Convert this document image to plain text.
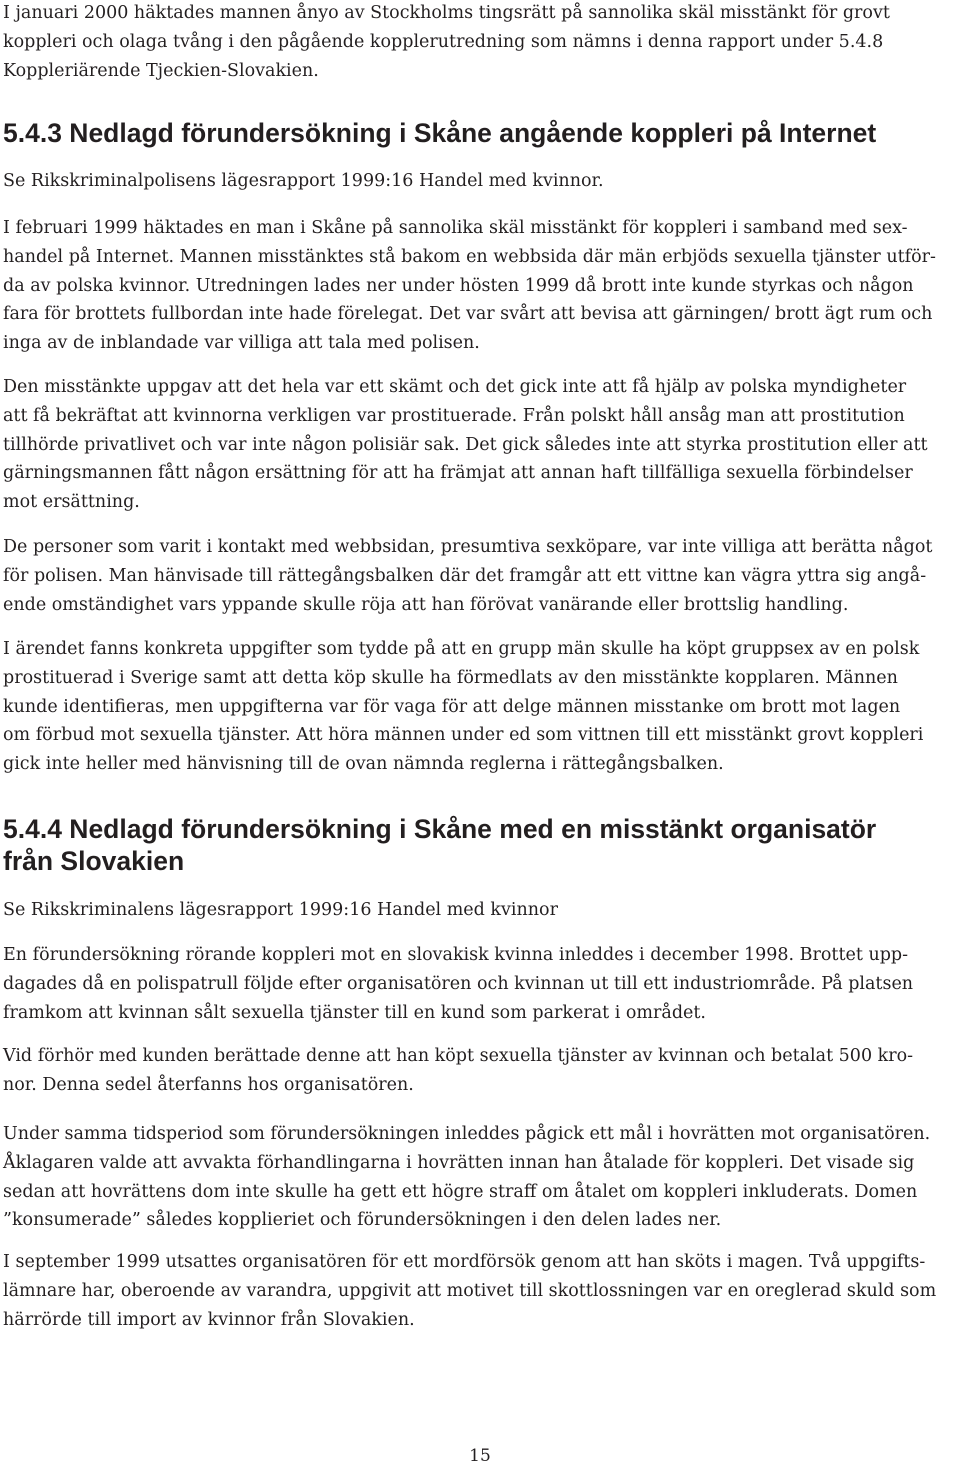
I januari 2000 häktades mannen ånyo av Stockholms tingsrätt på sannolika skäl misstänkt för grovt
koppleri och olaga tvång i den pågående kopplerutredning som nämns i denna rapport under 5.4.8
Koppleriärende Tjeckien-Slovakien.

5.4.3 Nedlagd förundersökning i Skåne angående koppleri på Internet

Se Rikskriminalpolisens lägesrapport 1999:16 Handel med kvinnor.

I februari 1999 häktades en man i Skåne på sannolika skäl misstänkt för koppleri i samband med sex-
handel på Internet. Mannen misstänktes stå bakom en webbsida där män erbjöds sexuella tjänster utför-
da av polska kvinnor. Utredningen lades ner under hösten 1999 då brott inte kunde styrkas och någon
fara för brottets fullbordan inte hade förelegat. Det var svårt att bevisa att gärningen/ brott ägt rum och
inga av de inblandade var villiga att tala med polisen.

Den misstänkte uppgav att det hela var ett skämt och det gick inte att få hjälp av polska myndigheter
att få bekräftat att kvinnorna verkligen var prostituerade. Från polskt håll ansåg man att prostitution
tillhörde privatlivet och var inte någon polisiär sak. Det gick således inte att styrka prostitution eller att
gärningsmannen fått någon ersättning för att ha främjat att annan haft tillfälliga sexuella förbindelser
mot ersättning.

De personer som varit i kontakt med webbsidan, presumtiva sexköpare, var inte villiga att berätta något
för polisen. Man hänvisade till rättegångsbalken där det framgår att ett vittne kan vägra yttra sig angå-
ende omständighet vars yppande skulle röja att han förövat vanärande eller brottslig handling.

I ärendet fanns konkreta uppgifter som tydde på att en grupp män skulle ha köpt gruppsex av en polsk
prostituerad i Sverige samt att detta köp skulle ha förmedlats av den misstänkte kopplaren. Männen
kunde identifieras, men uppgifterna var för vaga för att delge männen misstanke om brott mot lagen
om förbud mot sexuella tjänster. Att höra männen under ed som vittnen till ett misstänkt grovt koppleri
gick inte heller med hänvisning till de ovan nämnda reglerna i rättegångsbalken.

5.4.4 Nedlagd förundersökning i Skåne med en misstänkt organisatör
från Slovakien

Se Rikskriminalens lägesrapport 1999:16 Handel med kvinnor

En förundersökning rörande koppleri mot en slovakisk kvinna inleddes i december 1998. Brottet upp-
dagades då en polispatrull följde efter organisatören och kvinnan ut till ett industriområde. På platsen
framkom att kvinnan sålt sexuella tjänster till en kund som parkerat i området.

Vid förhör med kunden berättade denne att han köpt sexuella tjänster av kvinnan och betalat 500 kro-
nor. Denna sedel återfanns hos organisatören.

Under samma tidsperiod som förundersökningen inleddes pågick ett mål i hovrätten mot organisatören.
Åklagaren valde att avvakta förhandlingarna i hovrätten innan han åtalade för koppleri. Det visade sig
sedan att hovrättens dom inte skulle ha gett ett högre straff om åtalet om koppleri inkluderats. Domen
”konsumerade” således kopplieriet och förundersökningen i den delen lades ner.

I september 1999 utsattes organisatören för ett mordförsök genom att han sköts i magen. Två uppgifts-
lämnare har, oberoende av varandra, uppgivit att motivet till skottlossningen var en oreglerad skuld som
härrörde till import av kvinnor från Slovakien.

15
